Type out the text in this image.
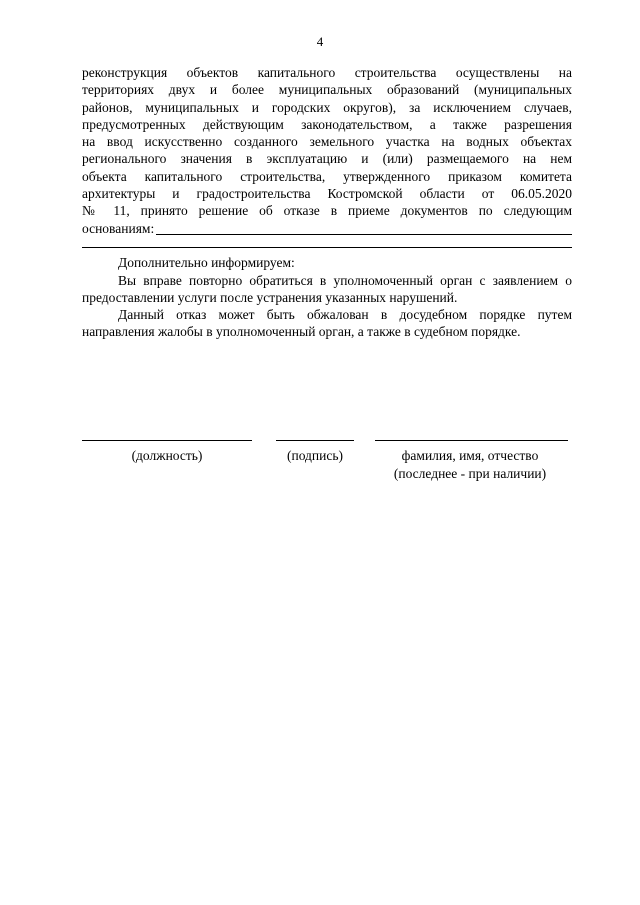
4
реконструкция объектов капитального строительства осуществлены на
территориях двух и более муниципальных образований (муниципальных
районов, муниципальных и городских округов), за исключением случаев,
предусмотренных действующим законодательством, а также разрешения
на ввод искусственно созданного земельного участка на водных объектах
регионального значения в эксплуатацию и (или) размещаемого на нем
объекта капитального строительства, утвержденного приказом комитета
архитектуры и градостроительства Костромской области от 06.05.2020
№ 11, принято решение об отказе в приеме документов по следующим
основаниям:

Дополнительно информируем:

Вы вправе повторно обратиться в уполномоченный орган с заявлением о предоставлении услуги после устранения указанных нарушений.

Данный отказ может быть обжалован в досудебном порядке путем направления жалобы в уполномоченный орган, а также в судебном порядке.

(должность)	(подпись)	фамилия, имя, отчество
(последнее - при наличии)
